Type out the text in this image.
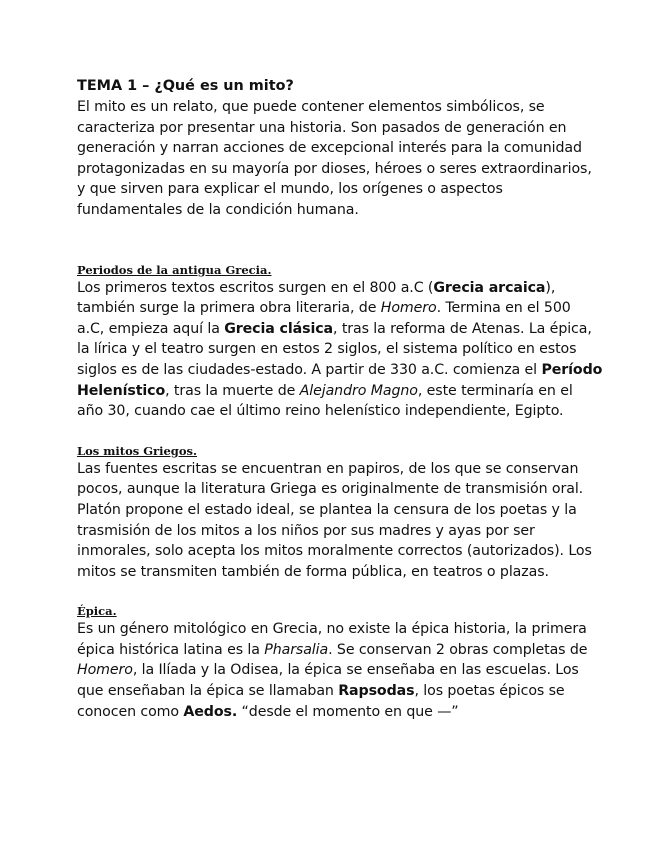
TEMA 1 – ¿Qué es un mito?

El mito es un relato, que puede contener elementos simbólicos, se
caracteriza por presentar una historia. Son pasados de generación en
generación y narran acciones de excepcional interés para la comunidad
protagonizadas en su mayoría por dioses, héroes o seres extraordinarios,
y que sirven para explicar el mundo, los orígenes o aspectos
fundamentales de la condición humana.

Periodos de la antigua Grecia.

Los primeros textos escritos surgen en el 800 a.C (Grecia arcaica),
también surge la primera obra literaria, de Homero. Termina en el 500
a.C, empieza aquí la Grecia clásica, tras la reforma de Atenas. La épica,
la lírica y el teatro surgen en estos 2 siglos, el sistema político en estos
siglos es de las ciudades-estado. A partir de 330 a.C. comienza el Período
Helenístico, tras la muerte de Alejandro Magno, este terminaría en el
año 30, cuando cae el último reino helenístico independiente, Egipto.

Los mitos Griegos.

Las fuentes escritas se encuentran en papiros, de los que se conservan
pocos, aunque la literatura Griega es originalmente de transmisión oral.
Platón propone el estado ideal, se plantea la censura de los poetas y la
trasmisión de los mitos a los niños por sus madres y ayas por ser
inmorales, solo acepta los mitos moralmente correctos (autorizados). Los
mitos se transmiten también de forma pública, en teatros o plazas.

Épica.

Es un género mitológico en Grecia, no existe la épica historia, la primera
épica histórica latina es la Pharsalia. Se conservan 2 obras completas de
Homero, la Ilíada y la Odisea, la épica se enseñaba en las escuelas. Los
que enseñaban la épica se llamaban Rapsodas, los poetas épicos se
conocen como Aedos. “desde el momento en que —”
